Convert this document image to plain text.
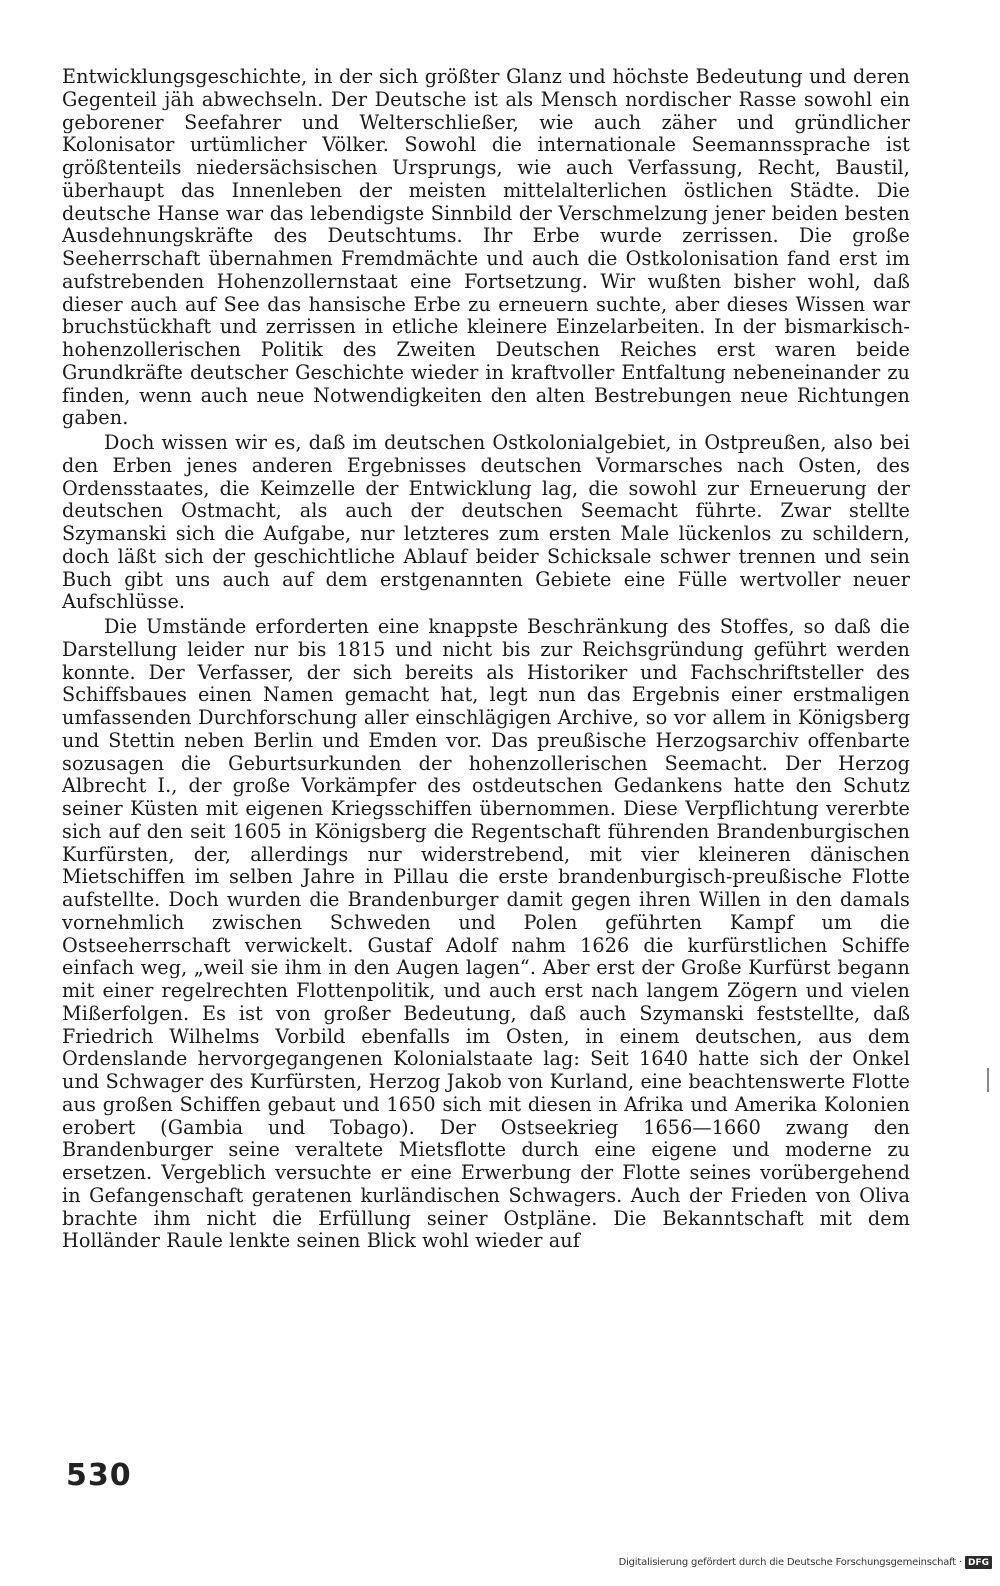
Entwicklungsgeschichte, in der sich größter Glanz und höchste Bedeutung und deren Gegenteil jäh abwechseln. Der Deutsche ist als Mensch nordischer Rasse sowohl ein geborener Seefahrer und Welterschließer, wie auch zäher und gründlicher Kolonisator urtümlicher Völker. Sowohl die internationale Seemannssprache ist größtenteils niedersächsischen Ursprungs, wie auch Verfassung, Recht, Baustil, überhaupt das Innenleben der meisten mittelalterlichen östlichen Städte. Die deutsche Hanse war das lebendigste Sinnbild der Verschmelzung jener beiden besten Ausdehnungskräfte des Deutschtums. Ihr Erbe wurde zerrissen. Die große Seeherrschaft übernahmen Fremdmächte und auch die Ostkolonisation fand erst im aufstrebenden Hohenzollernstaat eine Fortsetzung. Wir wußten bisher wohl, daß dieser auch auf See das hansische Erbe zu erneuern suchte, aber dieses Wissen war bruchstückhaft und zerrissen in etliche kleinere Einzelarbeiten. In der bismarkisch-hohenzollerischen Politik des Zweiten Deutschen Reiches erst waren beide Grundkräfte deutscher Geschichte wieder in kraftvoller Entfaltung nebeneinander zu finden, wenn auch neue Notwendigkeiten den alten Bestrebungen neue Richtungen gaben.

Doch wissen wir es, daß im deutschen Ostkolonialgebiet, in Ostpreußen, also bei den Erben jenes anderen Ergebnisses deutschen Vormarsches nach Osten, des Ordensstaates, die Keimzelle der Entwicklung lag, die sowohl zur Erneuerung der deutschen Ostmacht, als auch der deutschen Seemacht führte. Zwar stellte Szymanski sich die Aufgabe, nur letzteres zum ersten Male lückenlos zu schildern, doch läßt sich der geschichtliche Ablauf beider Schicksale schwer trennen und sein Buch gibt uns auch auf dem erstgenannten Gebiete eine Fülle wertvoller neuer Aufschlüsse.

Die Umstände erforderten eine knappste Beschränkung des Stoffes, so daß die Darstellung leider nur bis 1815 und nicht bis zur Reichsgründung geführt werden konnte. Der Verfasser, der sich bereits als Historiker und Fachschriftsteller des Schiffsbaues einen Namen gemacht hat, legt nun das Ergebnis einer erstmaligen umfassenden Durchforschung aller einschlägigen Archive, so vor allem in Königsberg und Stettin neben Berlin und Emden vor. Das preußische Herzogsarchiv offenbarte sozusagen die Geburtsurkunden der hohenzollerischen Seemacht. Der Herzog Albrecht I., der große Vorkämpfer des ostdeutschen Gedankens hatte den Schutz seiner Küsten mit eigenen Kriegsschiffen übernommen. Diese Verpflichtung vererbte sich auf den seit 1605 in Königsberg die Regentschaft führenden Brandenburgischen Kurfürsten, der, allerdings nur widerstrebend, mit vier kleineren dänischen Mietschiffen im selben Jahre in Pillau die erste brandenburgisch-preußische Flotte aufstellte. Doch wurden die Brandenburger damit gegen ihren Willen in den damals vornehmlich zwischen Schweden und Polen geführten Kampf um die Ostseeherrschaft verwickelt. Gustaf Adolf nahm 1626 die kurfürstlichen Schiffe einfach weg, „weil sie ihm in den Augen lagen“. Aber erst der Große Kurfürst begann mit einer regelrechten Flottenpolitik, und auch erst nach langem Zögern und vielen Mißerfolgen. Es ist von großer Bedeutung, daß auch Szymanski feststellte, daß Friedrich Wilhelms Vorbild ebenfalls im Osten, in einem deutschen, aus dem Ordenslande hervorgegangenen Kolonialstaate lag: Seit 1640 hatte sich der Onkel und Schwager des Kurfürsten, Herzog Jakob von Kurland, eine beachtenswerte Flotte aus großen Schiffen gebaut und 1650 sich mit diesen in Afrika und Amerika Kolonien erobert (Gambia und Tobago). Der Ostseekrieg 1656—1660 zwang den Brandenburger seine veraltete Mietsflotte durch eine eigene und moderne zu ersetzen. Vergeblich versuchte er eine Erwerbung der Flotte seines vorübergehend in Gefangenschaft geratenen kurländischen Schwagers. Auch der Frieden von Oliva brachte ihm nicht die Erfüllung seiner Ostpläne. Die Bekanntschaft mit dem Holländer Raule lenkte seinen Blick wohl wieder auf

530
Digitalisierung gefördert durch die Deutsche Forschungsgemeinschaft · DFG
